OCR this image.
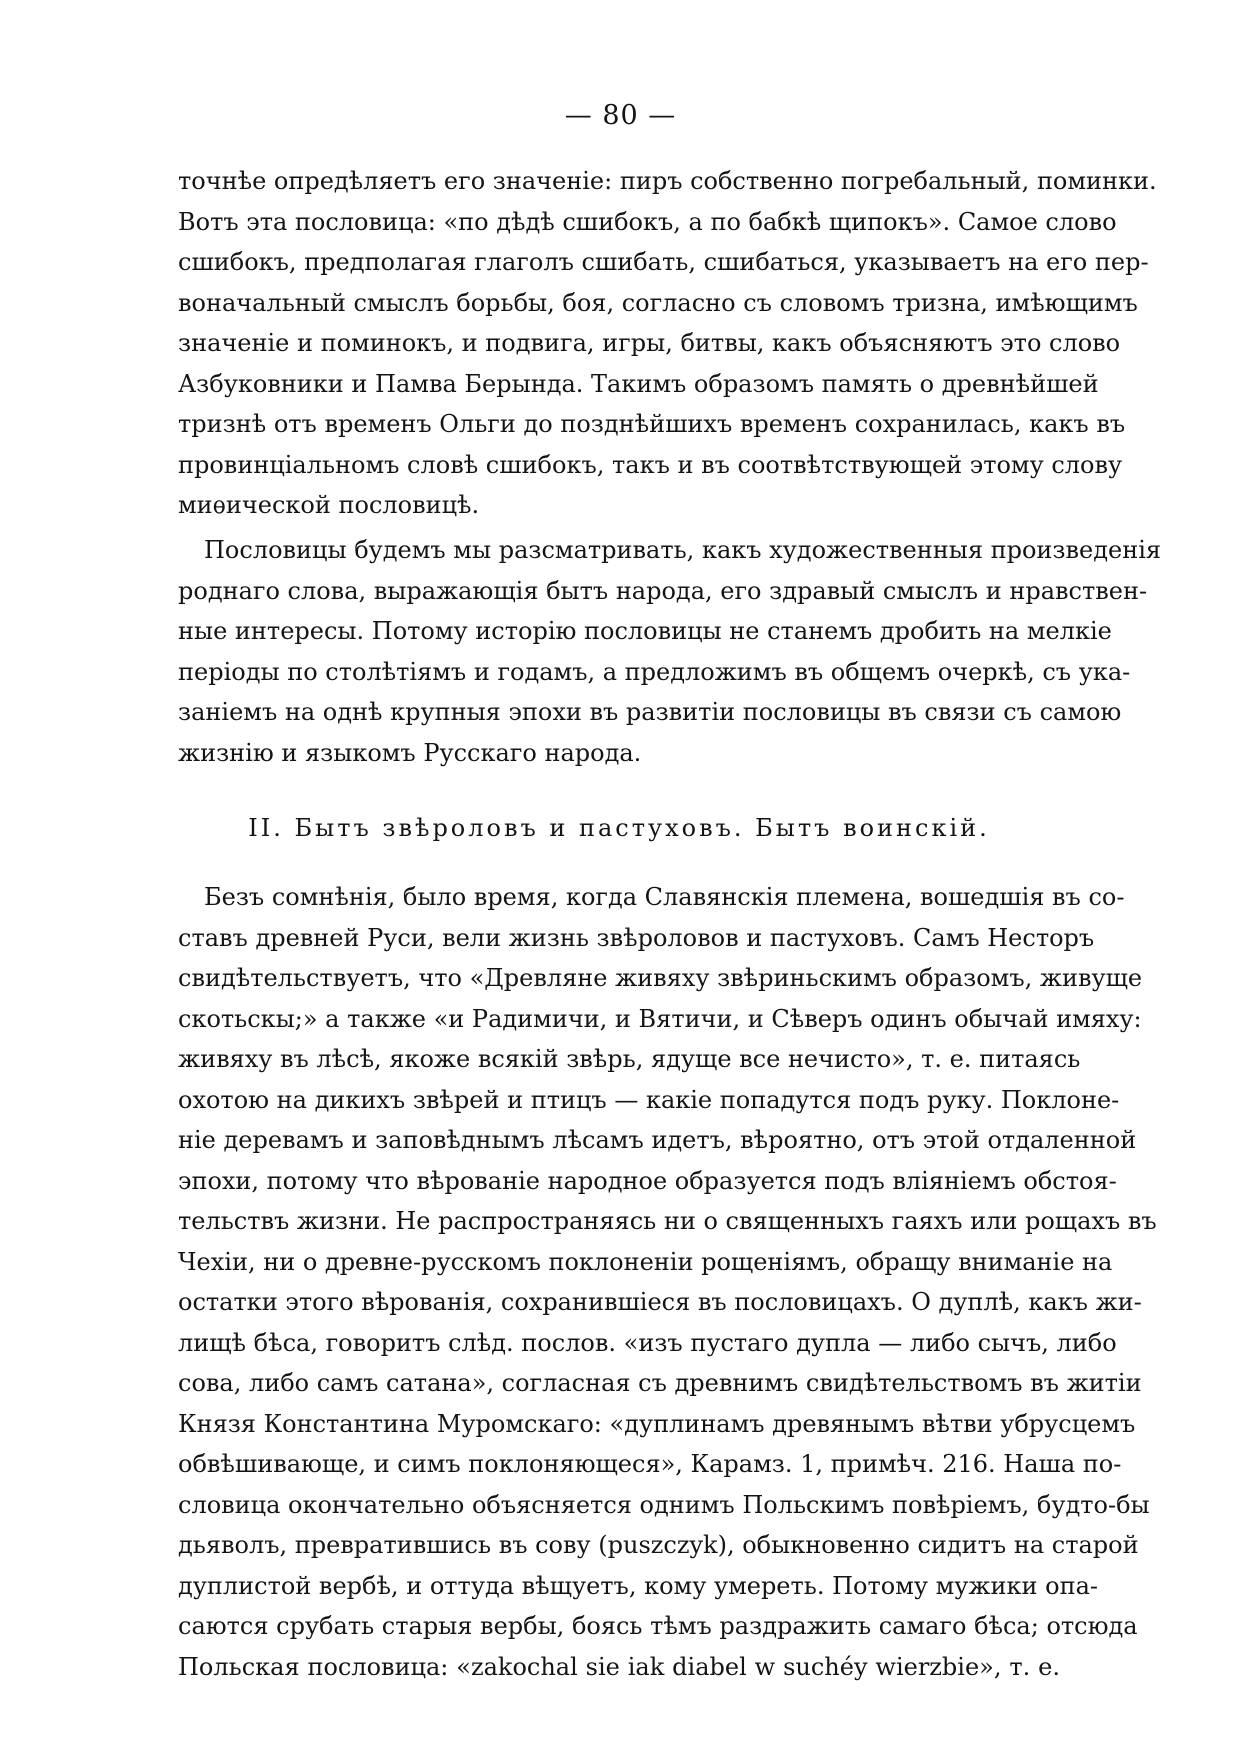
— 80 —
точнѣе опредѣляетъ его значеніе: пиръ собственно погребальный, поминки.
Вотъ эта пословица: «по дѣдѣ сшибокъ, а по бабкѣ щипокъ». Самое слово
сшибокъ, предполагая глаголъ сшибать, сшибаться, указываетъ на его пер-
воначальный смыслъ борьбы, боя, согласно съ словомъ тризна, имѣющимъ
значеніе и поминокъ, и подвига, игры, битвы, какъ объясняютъ это слово
Азбуковники и Памва Берында. Такимъ образомъ память о древнѣйшей
тризнѣ отъ временъ Ольги до позднѣйшихъ временъ сохранилась, какъ въ
провинціальномъ словѣ сшибокъ, такъ и въ соотвѣтствующей этому слову
миѳической пословицѣ.
Пословицы будемъ мы разсматривать, какъ художественныя произведенія
роднаго слова, выражающія бытъ народа, его здравый смыслъ и нравствен-
ные интересы. Потому исторію пословицы не станемъ дробить на мелкіе
періоды по столѣтіямъ и годамъ, а предложимъ въ общемъ очеркѣ, съ ука-
заніемъ на однѣ крупныя эпохи въ развитіи пословицы въ связи съ самою
жизнію и языкомъ Русскаго народа.
II. Бытъ звѣроловъ и пастуховъ. Бытъ воинскій.
Безъ сомнѣнія, было время, когда Славянскія племена, вошедшія въ со-
ставъ древней Руси, вели жизнь звѣроловов и пастуховъ. Самъ Несторъ
свидѣтельствуетъ, что «Древляне живяху звѣриньскимъ образомъ, живуще
скотьскы;» а также «и Радимичи, и Вятичи, и Сѣверъ одинъ обычай имяху:
живяху въ лѣсѣ, якоже всякій звѣрь, ядуще все нечисто», т. е. питаясь
охотою на дикихъ звѣрей и птицъ — какіе попадутся подъ руку. Поклоне-
ніе деревамъ и заповѣднымъ лѣсамъ идетъ, вѣроятно, отъ этой отдаленной
эпохи, потому что вѣрованіе народное образуется подъ вліяніемъ обстоя-
тельствъ жизни. Не распространяясь ни о священныхъ гаяхъ или рощахъ въ
Чехіи, ни о древне-русскомъ поклоненіи рощеніямъ, обращу вниманіе на
остатки этого вѣрованія, сохранившіеся въ пословицахъ. О дуплѣ, какъ жи-
лищѣ бѣса, говоритъ слѣд. послов. «изъ пустаго дупла — либо сычъ, либо
сова, либо самъ сатана», согласная съ древнимъ свидѣтельствомъ въ житіи
Князя Константина Муромскаго: «дуплинамъ древянымъ вѣтви убрусцемъ
обвѣшивающе, и симъ поклоняющеся», Карамз. 1, примѣч. 216. Наша по-
словица окончательно объясняется однимъ Польскимъ повѣріемъ, будто-бы
дьяволъ, превратившись въ сову (puszczyk), обыкновенно сидитъ на старой
дуплистой вербѣ, и оттуда вѣщуетъ, кому умереть. Потому мужики опа-
саются срубать старыя вербы, боясь тѣмъ раздражить самаго бѣса; отсюда
Польская пословица: «zakochal sie iak diabel w suchéy wierzbie», т. е.
